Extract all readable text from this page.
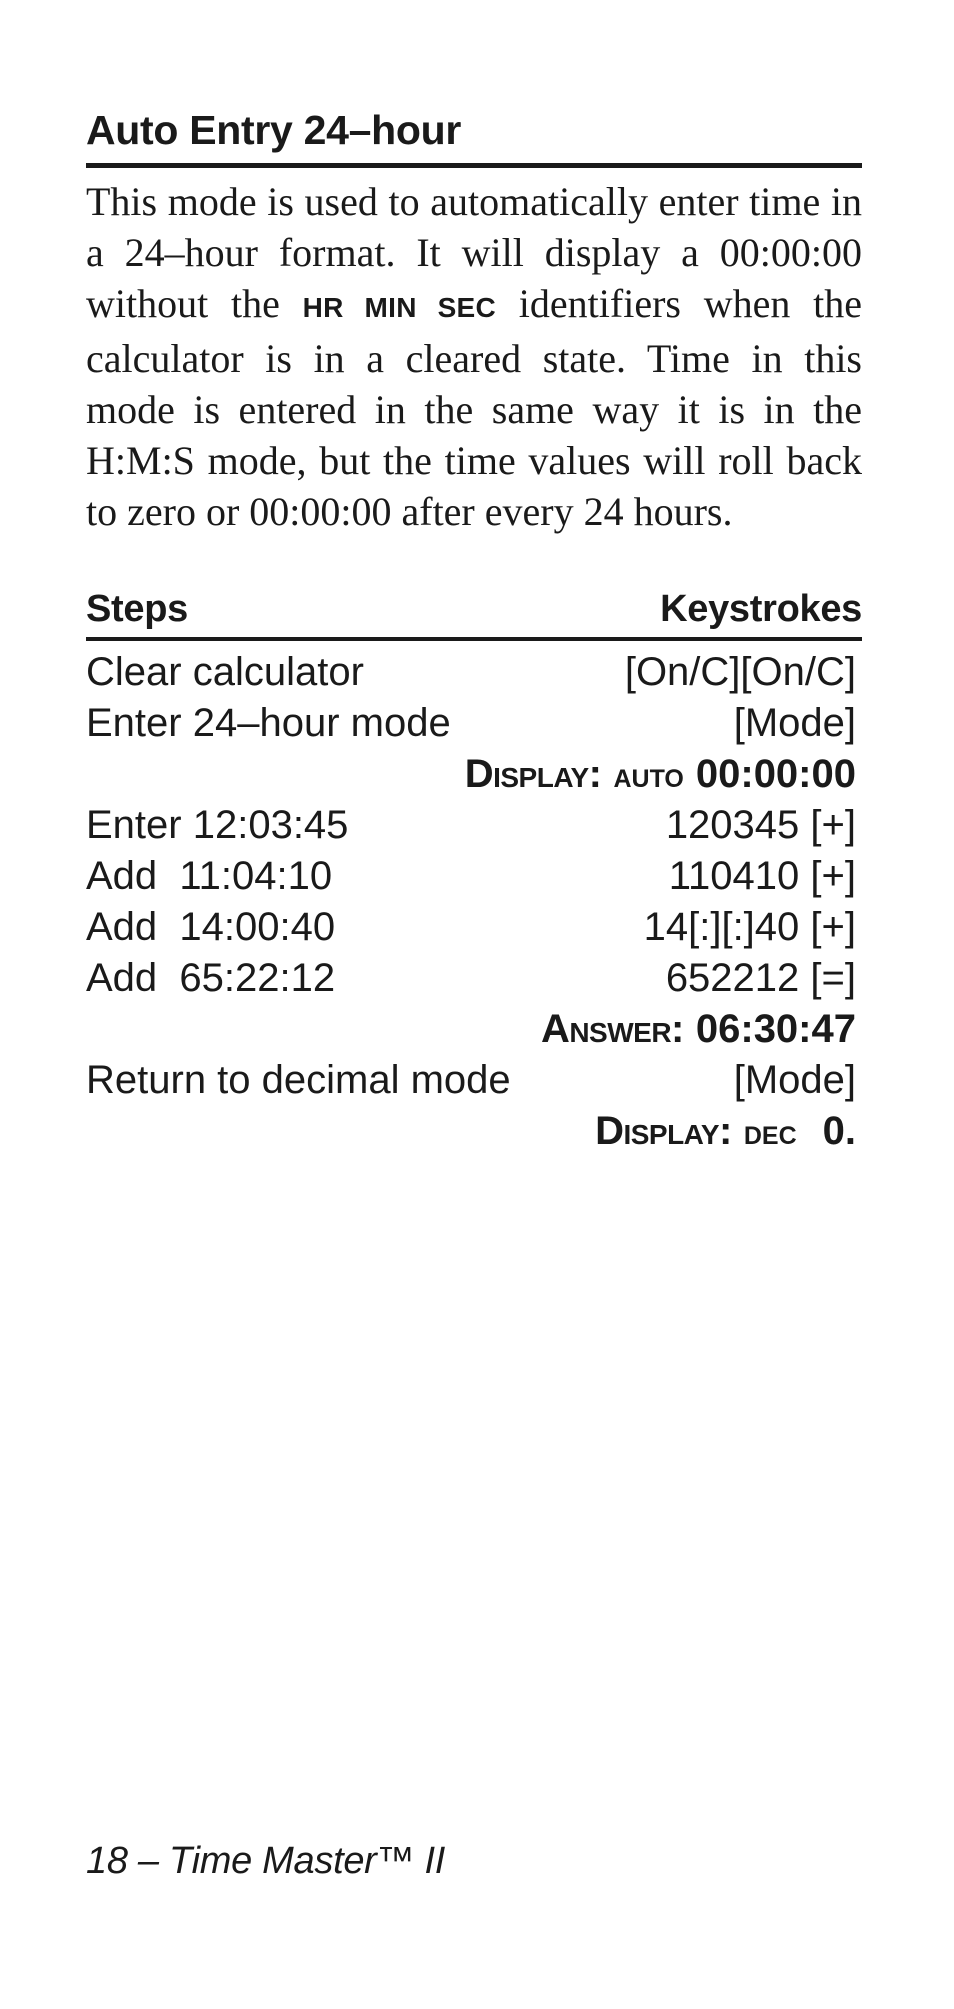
Auto Entry 24–hour

This mode is used to automatically enter time in a 24–hour format. It will display a 00:00:00 without the HR MIN SEC identifiers when the calculator is in a cleared state. Time in this mode is entered in the same way it is in the H:M:S mode, but the time values will roll back to zero or 00:00:00 after every 24 hours.

Steps	Keystrokes
Clear calculator	[On/C][On/C]
Enter 24–hour mode	[Mode]
Display: auto 00:00:00
Enter 12:03:45	120345 [+]
Add  11:04:10	110410 [+]
Add  14:00:40	14[:][:]40 [+]
Add  65:22:12	652212 [=]
Answer: 06:30:47
Return to decimal mode	[Mode]
Display: dec 0.
18 – Time Master™ II
